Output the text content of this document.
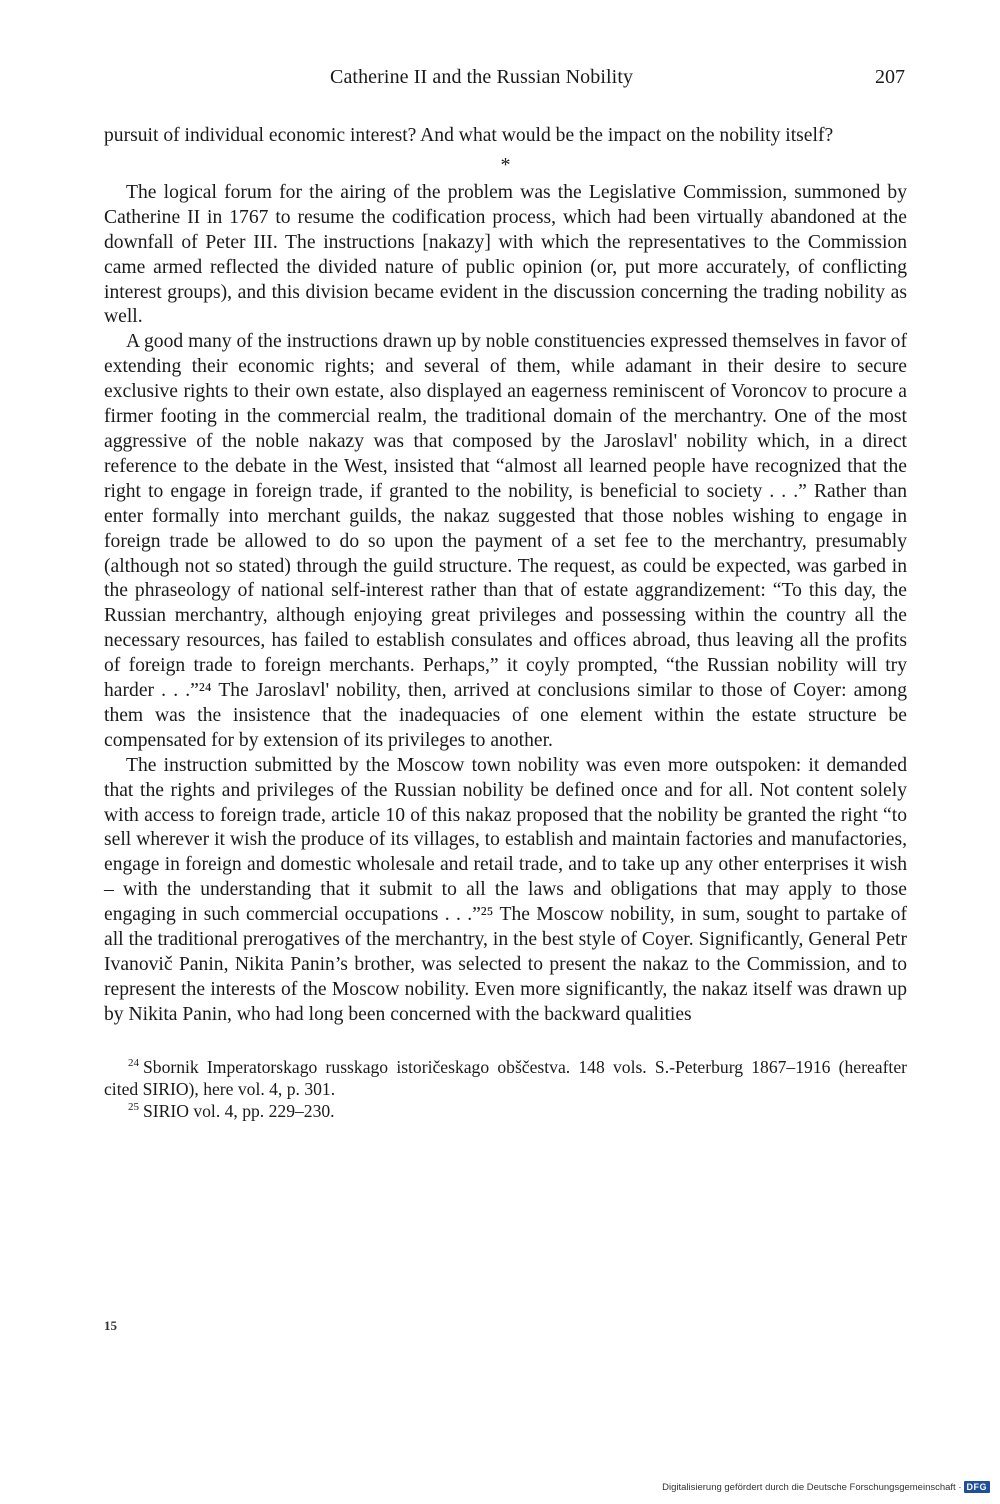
Catherine II and the Russian Nobility	207

pursuit of individual economic interest? And what would be the impact on the nobility itself?

*

The logical forum for the airing of the problem was the Legislative Commission, summoned by Catherine II in 1767 to resume the codification process, which had been virtually abandoned at the downfall of Peter III. The instructions [nakazy] with which the representatives to the Commission came armed reflected the divided nature of public opinion (or, put more accurately, of conflicting interest groups), and this division became evident in the discussion concerning the trading nobility as well.

A good many of the instructions drawn up by noble constituencies expressed themselves in favor of extending their economic rights; and several of them, while adamant in their desire to secure exclusive rights to their own estate, also displayed an eagerness reminiscent of Voroncov to procure a firmer footing in the commercial realm, the traditional domain of the merchantry. One of the most aggressive of the noble nakazy was that composed by the Jaroslavl' nobility which, in a direct reference to the debate in the West, insisted that “almost all learned people have recognized that the right to engage in foreign trade, if granted to the nobility, is beneficial to society . . .” Rather than enter formally into merchant guilds, the nakaz suggested that those nobles wishing to engage in foreign trade be allowed to do so upon the payment of a set fee to the merchantry, presumably (although not so stated) through the guild structure. The request, as could be expected, was garbed in the phraseology of national self-interest rather than that of estate aggrandizement: “To this day, the Russian merchantry, although enjoying great privileges and possessing within the country all the necessary resources, has failed to establish consulates and offices abroad, thus leaving all the profits of foreign trade to foreign merchants. Perhaps,” it coyly prompted, “the Russian nobility will try harder . . .”²⁴ The Jaroslavl' nobility, then, arrived at conclusions similar to those of Coyer: among them was the insistence that the inadequacies of one element within the estate structure be compensated for by extension of its privileges to another.

The instruction submitted by the Moscow town nobility was even more outspoken: it demanded that the rights and privileges of the Russian nobility be defined once and for all. Not content solely with access to foreign trade, article 10 of this nakaz proposed that the nobility be granted the right “to sell wherever it wish the produce of its villages, to establish and maintain factories and manufactories, engage in foreign and domestic wholesale and retail trade, and to take up any other enterprises it wish – with the understanding that it submit to all the laws and obligations that may apply to those engaging in such commercial occupations . . .”²⁵ The Moscow nobility, in sum, sought to partake of all the traditional prerogatives of the merchantry, in the best style of Coyer. Significantly, General Petr Ivanovič Panin, Nikita Panin’s brother, was selected to present the nakaz to the Commission, and to represent the interests of the Moscow nobility. Even more significantly, the nakaz itself was drawn up by Nikita Panin, who had long been concerned with the backward qualities

$^{24}$ Sbornik Imperatorskago russkago istoričeskago obščestva. 148 vols. S.-Peterburg 1867–1916 (hereafter cited SIRIO), here vol. 4, p. 301.

$^{25}$ SIRIO vol. 4, pp. 229–230.

15
Digitalisierung gefördert durch die Deutsche Forschungsgemeinschaft · DFG
